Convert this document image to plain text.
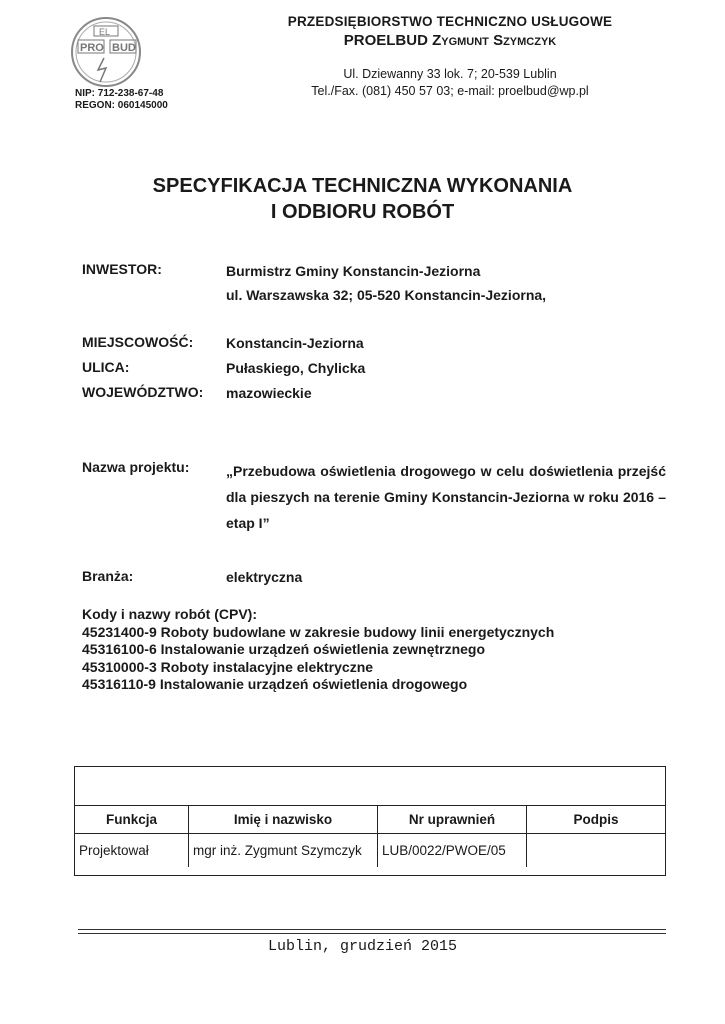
EL
PRO BUD
PRZEDSIĘBIORSTWO TECHNICZNO USŁUGOWE
PROELBUD Zygmunt Szymczyk
Ul. Dziewanny 33 lok. 7; 20-539 Lublin
Tel./Fax. (081) 450 57 03; e-mail: proelbud@wp.pl
NIP: 712-238-67-48
REGON: 060145000
SPECYFIKACJA TECHNICZNA WYKONANIA
I ODBIORU ROBÓT
INWESTOR:	Burmistrz Gminy Konstancin-Jeziorna
ul. Warszawska 32; 05-520 Konstancin-Jeziorna,
MIEJSCOWOŚĆ: Konstancin-Jeziorna
ULICA:	Pułaskiego, Chylicka
WOJEWÓDZTWO: mazowieckie
Nazwa projektu:	„Przebudowa oświetlenia drogowego w celu doświetlenia przejść dla pieszych na terenie Gminy Konstancin-Jeziorna w roku 2016 – etap I”
Branża:	elektryczna
Kody i nazwy robót (CPV):
45231400-9 Roboty budowlane w zakresie budowy linii energetycznych
45316100-6 Instalowanie urządzeń oświetlenia zewnętrznego
45310000-3 Roboty instalacyjne elektryczne
45316110-9 Instalowanie urządzeń oświetlenia drogowego
Funkcja	Imię i nazwisko	Nr uprawnień	Podpis
Projektował	mgr inż. Zygmunt Szymczyk	LUB/0022/PWOE/05	
Lublin, grudzień 2015
